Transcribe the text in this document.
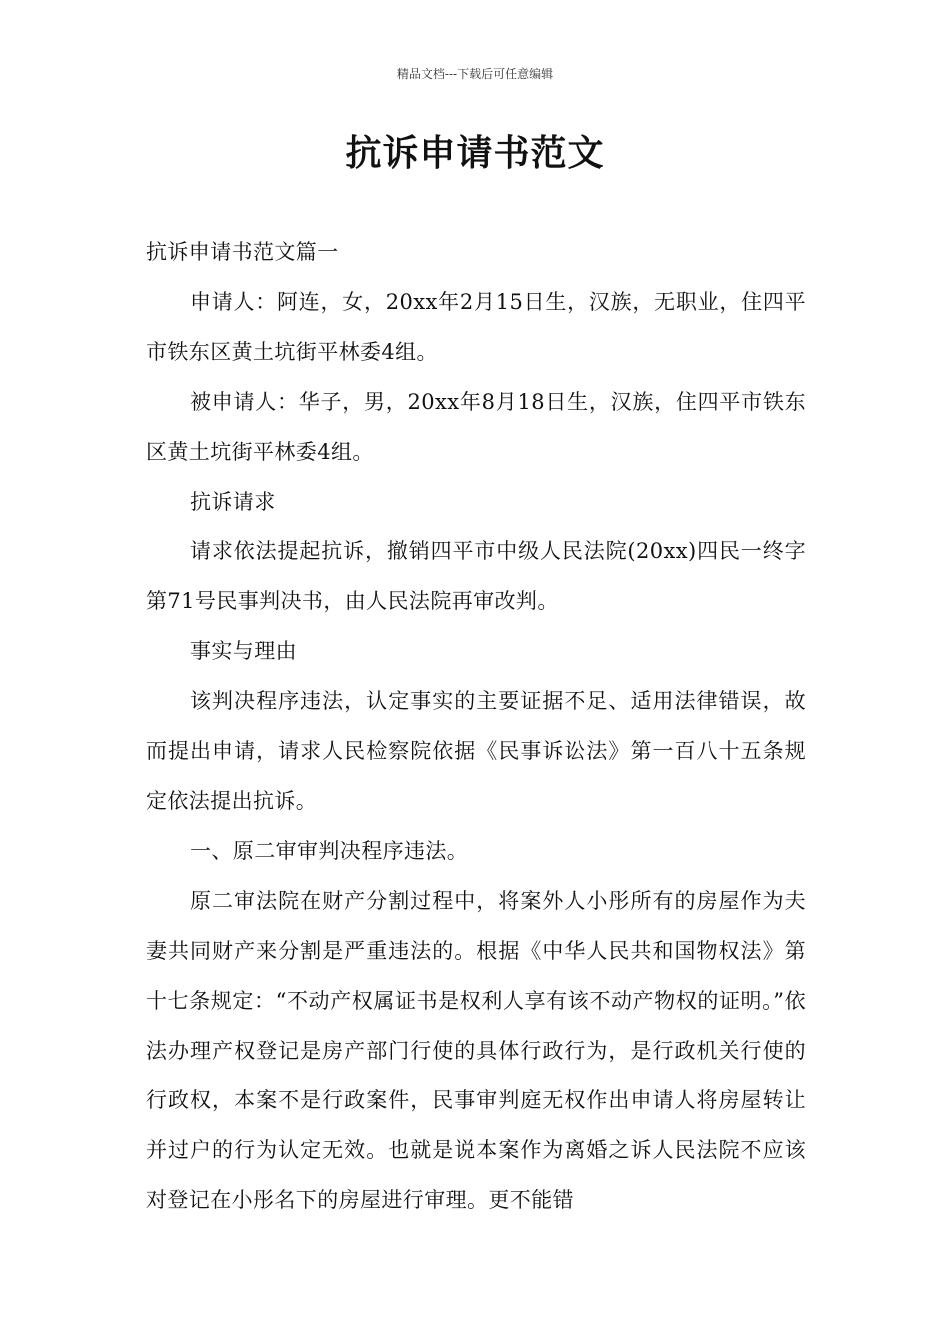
精品文档---下载后可任意编辑
抗诉申请书范文

抗诉申请书范文篇一

申请人：阿连，女，20xx年2月15日生，汉族，无职业，住四平市铁东区黄土坑街平林委4组。

被申请人：华子，男，20xx年8月18日生，汉族，住四平市铁东区黄土坑街平林委4组。

抗诉请求

请求依法提起抗诉，撤销四平市中级人民法院(20xx)四民一终字第71号民事判决书，由人民法院再审改判。

事实与理由

该判决程序违法，认定事实的主要证据不足、适用法律错误，故而提出申请，请求人民检察院依据《民事诉讼法》第一百八十五条规定依法提出抗诉。

一、原二审审判决程序违法。

原二审法院在财产分割过程中，将案外人小彤所有的房屋作为夫妻共同财产来分割是严重违法的。根据《中华人民共和国物权法》第十七条规定：“不动产权属证书是权利人享有该不动产物权的证明。”依法办理产权登记是房产部门行使的具体行政行为，是行政机关行使的行政权，本案不是行政案件，民事审判庭无权作出申请人将房屋转让并过户的行为认定无效。也就是说本案作为离婚之诉人民法院不应该对登记在小彤名下的房屋进行审理。更不能错
